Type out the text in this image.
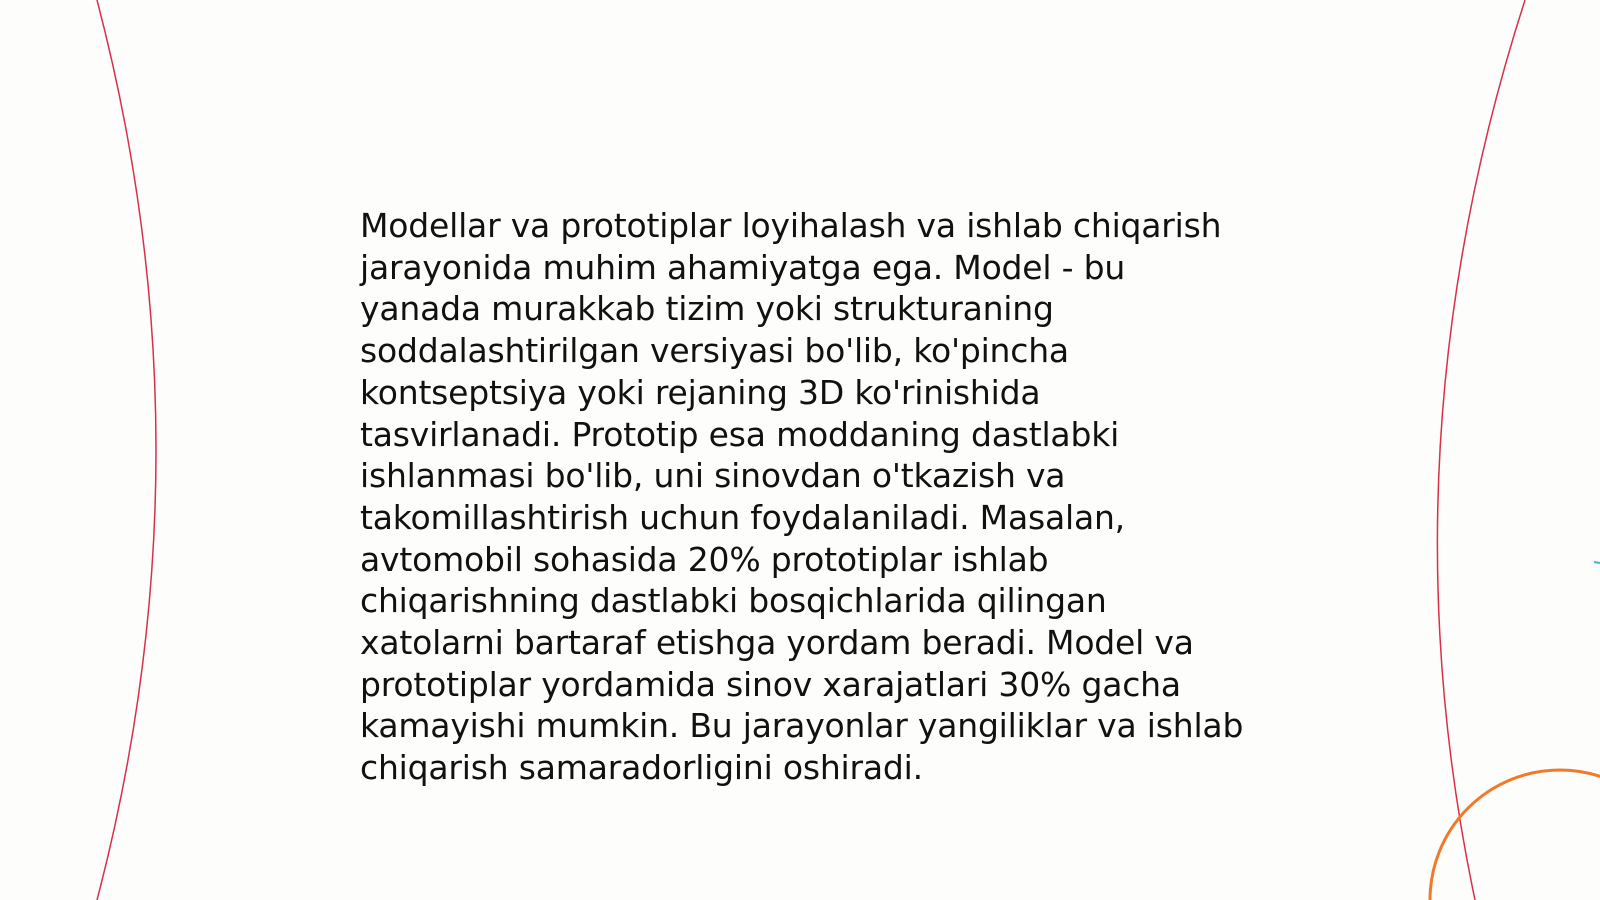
Modellar va prototiplar loyihalash va ishlab chiqarish
jarayonida muhim ahamiyatga ega. Model - bu
yanada murakkab tizim yoki strukturaning
soddalashtirilgan versiyasi bo'lib, ko'pincha
kontseptsiya yoki rejaning 3D ko'rinishida
tasvirlanadi. Prototip esa moddaning dastlabki
ishlanmasi bo'lib, uni sinovdan o'tkazish va
takomillashtirish uchun foydalaniladi. Masalan,
avtomobil sohasida 20% prototiplar ishlab
chiqarishning dastlabki bosqichlarida qilingan
xatolarni bartaraf etishga yordam beradi. Model va
prototiplar yordamida sinov xarajatlari 30% gacha
kamayishi mumkin. Bu jarayonlar yangiliklar va ishlab
chiqarish samaradorligini oshiradi.
